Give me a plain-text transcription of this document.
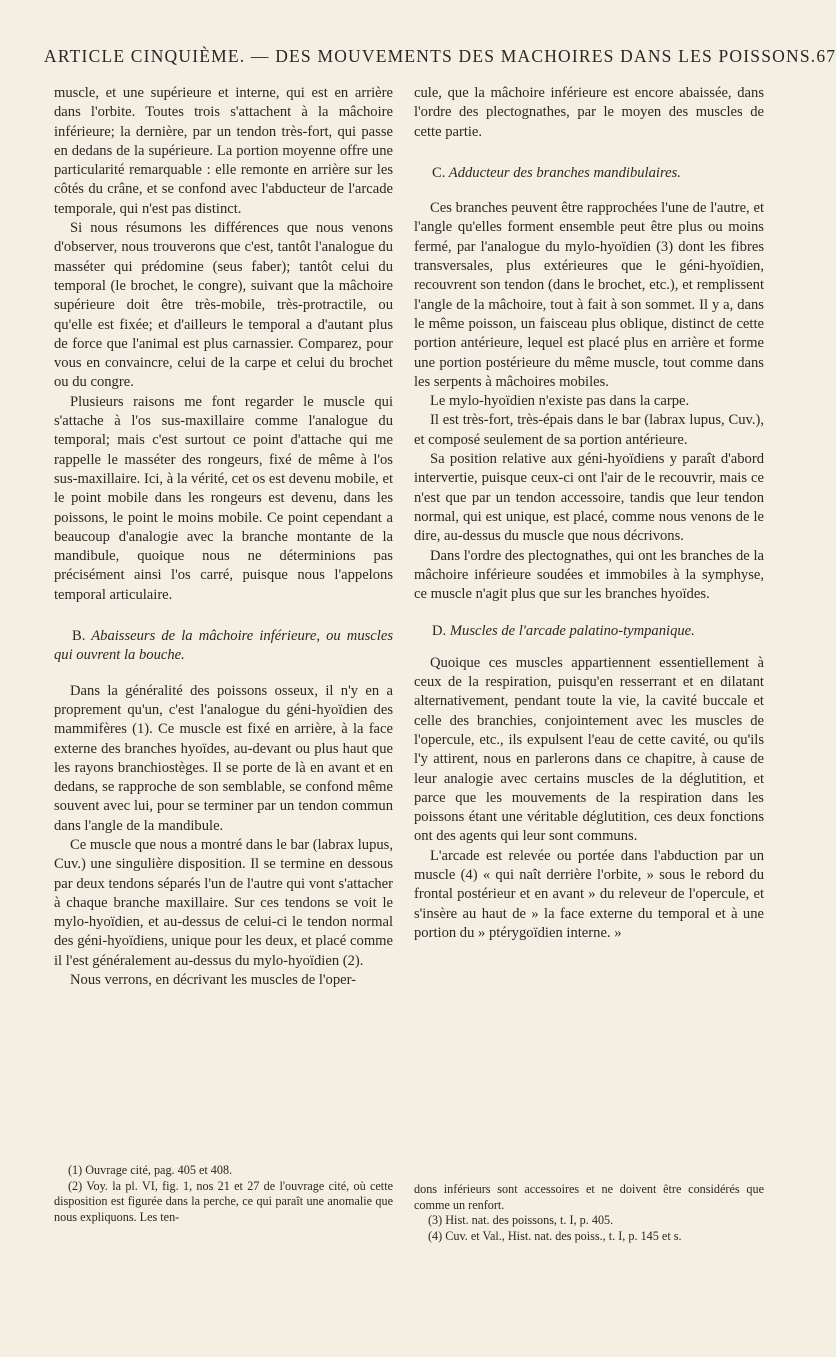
ARTICLE CINQUIÈME. — DES MOUVEMENTS DES MACHOIRES DANS LES POISSONS. 67

muscle, et une supérieure et interne, qui est en arrière dans l'orbite. Toutes trois s'attachent à la mâchoire inférieure; la dernière, par un tendon très-fort, qui passe en dedans de la supérieure. La portion moyenne offre une particularité remarquable : elle remonte en arrière sur les côtés du crâne, et se confond avec l'abducteur de l'arcade temporale, qui n'est pas distinct.

Si nous résumons les différences que nous venons d'observer, nous trouverons que c'est, tantôt l'analogue du masséter qui prédomine (seus faber); tantôt celui du temporal (le brochet, le congre), suivant que la mâchoire supérieure doit être très-mobile, très-protractile, ou qu'elle est fixée; et d'ailleurs le temporal a d'autant plus de force que l'animal est plus carnassier. Comparez, pour vous en convaincre, celui de la carpe et celui du brochet ou du congre.

Plusieurs raisons me font regarder le muscle qui s'attache à l'os sus-maxillaire comme l'analogue du temporal; mais c'est surtout ce point d'attache qui me rappelle le masséter des rongeurs, fixé de même à l'os sus-maxillaire. Ici, à la vérité, cet os est devenu mobile, et le point mobile dans les rongeurs est devenu, dans les poissons, le point le moins mobile. Ce point cependant a beaucoup d'analogie avec la branche montante de la mandibule, quoique nous ne déterminions pas précisément ainsi l'os carré, puisque nous l'appelons temporal articulaire.

B. Abaisseurs de la mâchoire inférieure, ou muscles qui ouvrent la bouche.

Dans la généralité des poissons osseux, il n'y en a proprement qu'un, c'est l'analogue du géni-hyoïdien des mammifères (1). Ce muscle est fixé en arrière, à la face externe des branches hyoïdes, au-devant ou plus haut que les rayons branchiostèges. Il se porte de là en avant et en dedans, se rapproche de son semblable, se confond même souvent avec lui, pour se terminer par un tendon commun dans l'angle de la mandibule.

Ce muscle que nous a montré dans le bar (labrax lupus, Cuv.) une singulière disposition. Il se termine en dessous par deux tendons séparés l'un de l'autre qui vont s'attacher à chaque branche maxillaire. Sur ces tendons se voit le mylo-hyoïdien, et au-dessus de celui-ci le tendon normal des géni-hyoïdiens, unique pour les deux, et placé comme il l'est généralement au-dessus du mylo-hyoïdien (2).

Nous verrons, en décrivant les muscles de l'oper-

cule, que la mâchoire inférieure est encore abaissée, dans l'ordre des plectognathes, par le moyen des muscles de cette partie.

C. Adducteur des branches mandibulaires.

Ces branches peuvent être rapprochées l'une de l'autre, et l'angle qu'elles forment ensemble peut être plus ou moins fermé, par l'analogue du mylo-hyoïdien (3) dont les fibres transversales, plus extérieures que le géni-hyoïdien, recouvrent son tendon (dans le brochet, etc.), et remplissent l'angle de la mâchoire, tout à fait à son sommet. Il y a, dans le même poisson, un faisceau plus oblique, distinct de cette portion antérieure, lequel est placé plus en arrière et forme une portion postérieure du même muscle, tout comme dans les serpents à mâchoires mobiles.

Le mylo-hyoïdien n'existe pas dans la carpe.

Il est très-fort, très-épais dans le bar (labrax lupus, Cuv.), et composé seulement de sa portion antérieure.

Sa position relative aux géni-hyoïdiens y paraît d'abord intervertie, puisque ceux-ci ont l'air de le recouvrir, mais ce n'est que par un tendon accessoire, tandis que leur tendon normal, qui est unique, est placé, comme nous venons de le dire, au-dessus du muscle que nous décrivons.

Dans l'ordre des plectognathes, qui ont les branches de la mâchoire inférieure soudées et immobiles à la symphyse, ce muscle n'agit plus que sur les branches hyoïdes.

D. Muscles de l'arcade palatino-tympanique.

Quoique ces muscles appartiennent essentiellement à ceux de la respiration, puisqu'en resserrant et en dilatant alternativement, pendant toute la vie, la cavité buccale et celle des branchies, conjointement avec les muscles de l'opercule, etc., ils expulsent l'eau de cette cavité, ou qu'ils l'y attirent, nous en parlerons dans ce chapitre, à cause de leur analogie avec certains muscles de la déglutition, et parce que les mouvements de la respiration dans les poissons étant une véritable déglutition, ces deux fonctions ont des agents qui leur sont communs.

L'arcade est relevée ou portée dans l'abduction par un muscle (4) « qui naît derrière l'orbite, » sous le rebord du frontal postérieur et en avant » du releveur de l'opercule, et s'insère au haut de » la face externe du temporal et à une portion du » ptérygoïdien interne. »

(1) Ouvrage cité, pag. 405 et 408.

(2) Voy. la pl. VI, fig. 1, nos 21 et 27 de l'ouvrage cité, où cette disposition est figurée dans la perche, ce qui paraît une anomalie que nous expliquons. Les ten-

dons inférieurs sont accessoires et ne doivent être considérés que comme un renfort.

(3) Hist. nat. des poissons, t. I, p. 405.

(4) Cuv. et Val., Hist. nat. des poiss., t. I, p. 145 et s.
